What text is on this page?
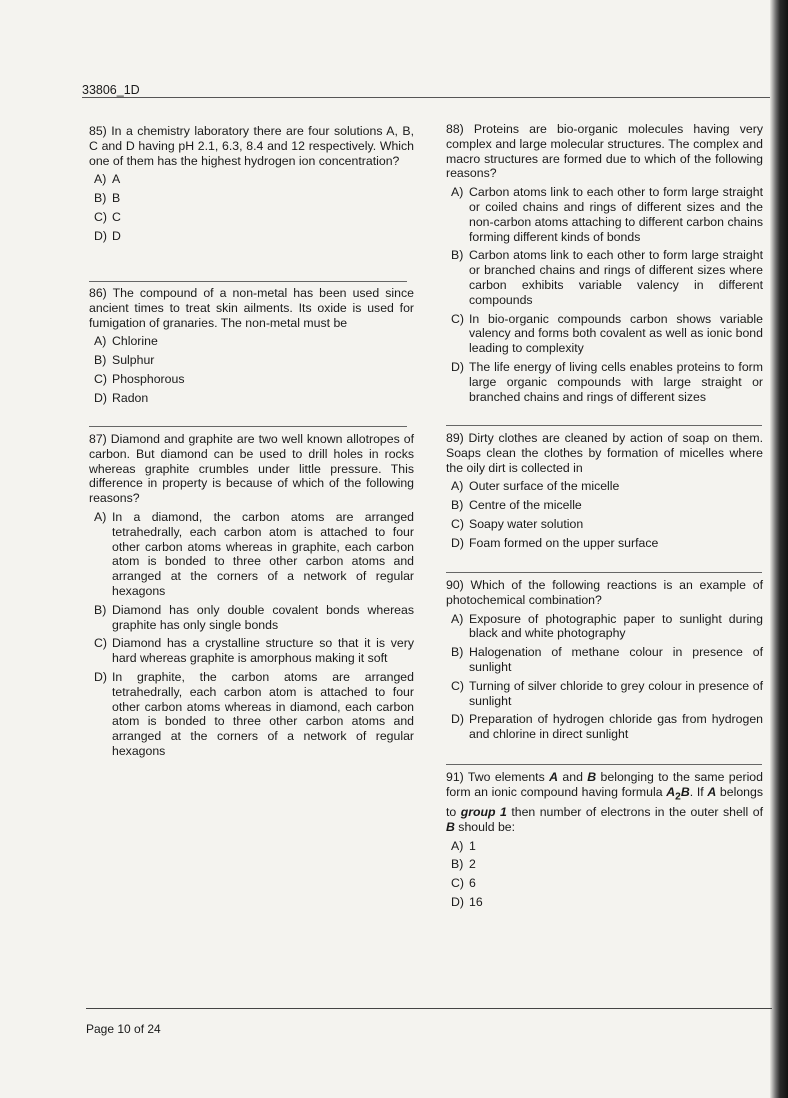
33806_1D

85) In a chemistry laboratory there are four solutions A, B, C and D having pH 2.1, 6.3, 8.4 and 12 respectively. Which one of them has the highest hydrogen ion concentration?

A) A
B) B
C) C
D) D

86) The compound of a non-metal has been used since ancient times to treat skin ailments. Its oxide is used for fumigation of granaries. The non-metal must be

A) Chlorine
B) Sulphur
C) Phosphorous
D) Radon

87) Diamond and graphite are two well known allotropes of carbon. But diamond can be used to drill holes in rocks whereas graphite crumbles under little pressure. This difference in property is because of which of the following reasons?

A) In a diamond, the carbon atoms are arranged tetrahedrally, each carbon atom is attached to four other carbon atoms whereas in graphite, each carbon atom is bonded to three other carbon atoms and arranged at the corners of a network of regular hexagons
B) Diamond has only double covalent bonds whereas graphite has only single bonds
C) Diamond has a crystalline structure so that it is very hard whereas graphite is amorphous making it soft
D) In graphite, the carbon atoms are arranged tetrahedrally, each carbon atom is attached to four other carbon atoms whereas in diamond, each carbon atom is bonded to three other carbon atoms and arranged at the corners of a network of regular hexagons

88) Proteins are bio-organic molecules having very complex and large molecular structures. The complex and macro structures are formed due to which of the following reasons?

A) Carbon atoms link to each other to form large straight or coiled chains and rings of different sizes and the non-carbon atoms attaching to different carbon chains forming different kinds of bonds
B) Carbon atoms link to each other to form large straight or branched chains and rings of different sizes where carbon exhibits variable valency in different compounds
C) In bio-organic compounds carbon shows variable valency and forms both covalent as well as ionic bond leading to complexity
D) The life energy of living cells enables proteins to form large organic compounds with large straight or branched chains and rings of different sizes

89) Dirty clothes are cleaned by action of soap on them. Soaps clean the clothes by formation of micelles where the oily dirt is collected in

A) Outer surface of the micelle
B) Centre of the micelle
C) Soapy water solution
D) Foam formed on the upper surface

90) Which of the following reactions is an example of photochemical combination?

A) Exposure of photographic paper to sunlight during black and white photography
B) Halogenation of methane colour in presence of sunlight
C) Turning of silver chloride to grey colour in presence of sunlight
D) Preparation of hydrogen chloride gas from hydrogen and chlorine in direct sunlight

91) Two elements A and B belonging to the same period form an ionic compound having formula $A_2B$. If A belongs to group 1 then number of electrons in the outer shell of B should be:

A) 1
B) 2
C) 6
D) 16
Page 10 of 24
